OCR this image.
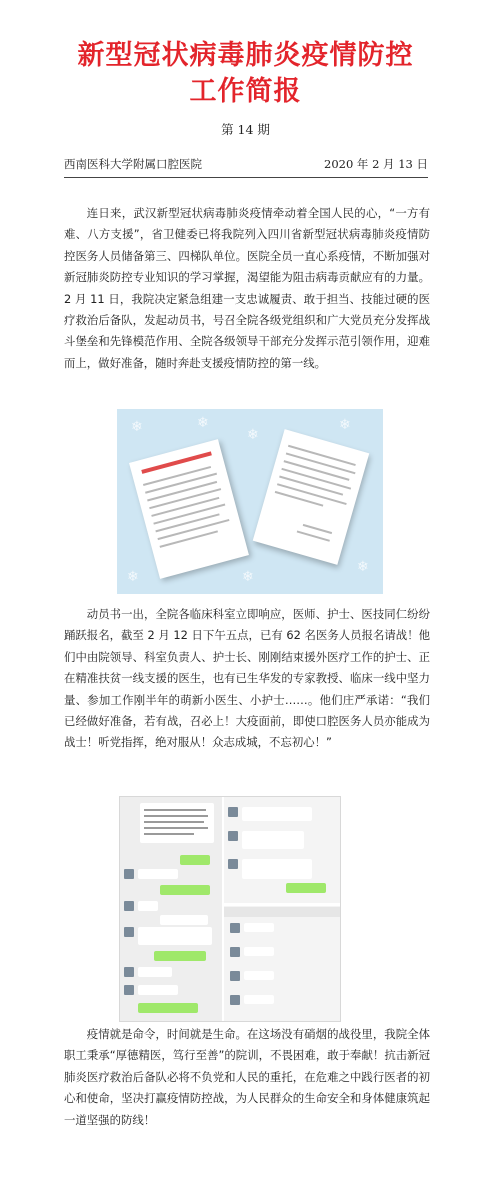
新型冠状病毒肺炎疫情防控
工作简报
第 14 期
西南医科大学附属口腔医院	2020 年 2 月 13 日

连日来，武汉新型冠状病毒肺炎疫情牵动着全国人民的心，“一方有难、八方支援”，省卫健委已将我院列入四川省新型冠状病毒肺炎疫情防控医务人员储备第三、四梯队单位。医院全员一直心系疫情，不断加强对新冠肺炎防控专业知识的学习掌握，渴望能为阻击病毒贡献应有的力量。2 月 11 日，我院决定紧急组建一支忠诚履责、敢于担当、技能过硬的医疗救治后备队，发起动员书，号召全院各级党组织和广大党员充分发挥战斗堡垒和先锋模范作用、全院各级领导干部充分发挥示范引领作用，迎难而上，做好准备，随时奔赴支援疫情防控的第一线。

❄	❄
❄
❄
❄
❄	❄

动员书一出，全院各临床科室立即响应，医师、护士、医技同仁纷纷踊跃报名，截至 2 月 12 日下午五点，已有 62 名医务人员报名请战！他们中由院领导、科室负责人、护士长、刚刚结束援外医疗工作的护士、正在精准扶贫一线支援的医生，也有已生华发的专家教授、临床一线中坚力量、参加工作刚半年的萌新小医生、小护士……。他们庄严承诺：“我们已经做好准备，若有战，召必上！大疫面前，即使口腔医务人员亦能成为战士！听党指挥，绝对服从！众志成城，不忘初心！”

疫情就是命令，时间就是生命。在这场没有硝烟的战役里，我院全体职工秉承“厚德精医，笃行至善”的院训，不畏困难，敢于奉献！抗击新冠肺炎医疗救治后备队必将不负党和人民的重托，在危难之中践行医者的初心和使命，坚决打赢疫情防控战，为人民群众的生命安全和身体健康筑起一道坚强的防线！
